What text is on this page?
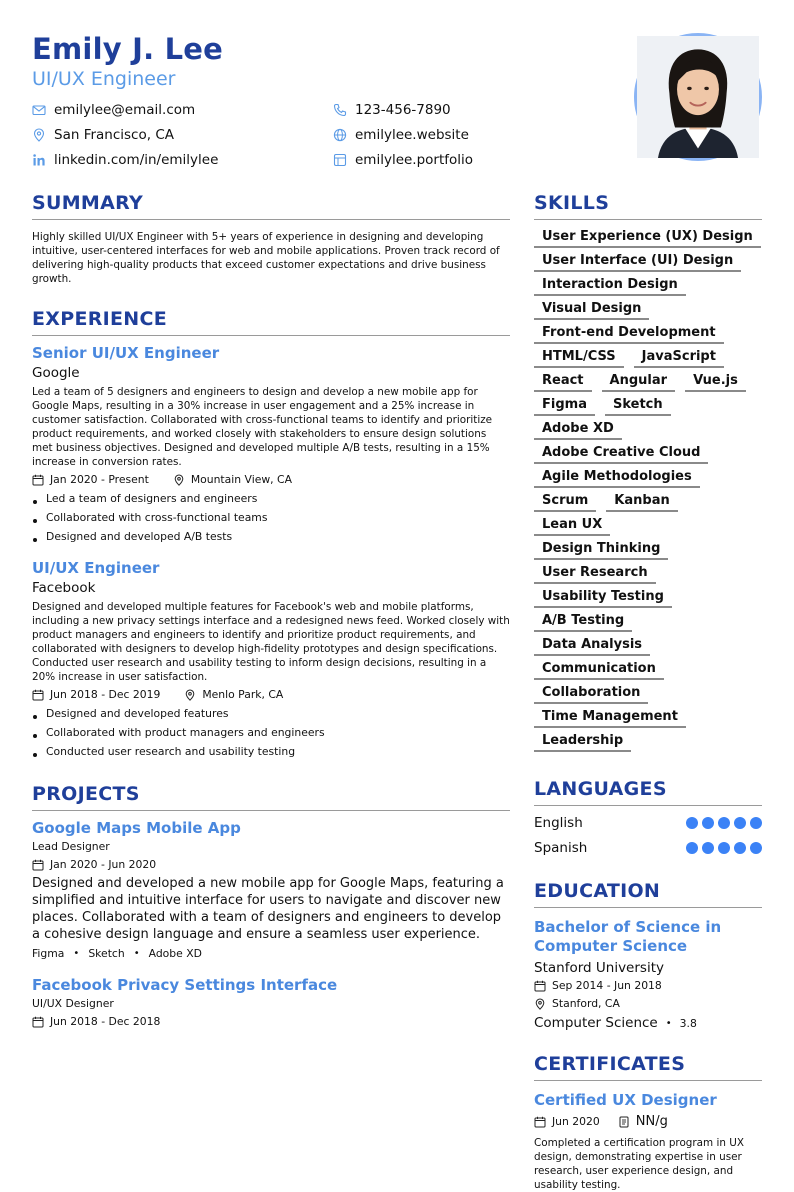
Emily J. Lee
UI/UX Engineer
emilylee@email.com	123-456-7890
San Francisco, CA	emilylee.website
linkedin.com/in/emilylee	emilylee.portfolio
SUMMARY
Highly skilled UI/UX Engineer with 5+ years of experience in designing and developing intuitive, user-centered interfaces for web and mobile applications. Proven track record of delivering high-quality products that exceed customer expectations and drive business growth.
EXPERIENCE
Senior UI/UX Engineer
Google
Led a team of 5 designers and engineers to design and develop a new mobile app for Google Maps, resulting in a 30% increase in user engagement and a 25% increase in customer satisfaction. Collaborated with cross-functional teams to identify and prioritize product requirements, and worked closely with stakeholders to ensure design solutions met business objectives. Designed and developed multiple A/B tests, resulting in a 15% increase in conversion rates.
Jan 2020 - Present	Mountain View, CA
Led a team of designers and engineers
Collaborated with cross-functional teams
Designed and developed A/B tests
UI/UX Engineer
Facebook
Designed and developed multiple features for Facebook's web and mobile platforms, including a new privacy settings interface and a redesigned news feed. Worked closely with product managers and engineers to identify and prioritize product requirements, and collaborated with designers to develop high-fidelity prototypes and design specifications. Conducted user research and usability testing to inform design decisions, resulting in a 20% increase in user satisfaction.
Jun 2018 - Dec 2019	Menlo Park, CA
Designed and developed features
Collaborated with product managers and engineers
Conducted user research and usability testing
PROJECTS
Google Maps Mobile App
Lead Designer
Jan 2020 - Jun 2020
Designed and developed a new mobile app for Google Maps, featuring a simplified and intuitive interface for users to navigate and discover new places. Collaborated with a team of designers and engineers to develop a cohesive design language and ensure a seamless user experience.
Figma • Sketch • Adobe XD
Facebook Privacy Settings Interface
UI/UX Designer
Jun 2018 - Dec 2018
SKILLS
User Experience (UX) Design
User Interface (UI) Design
Interaction Design
Visual Design
Front-end Development
HTML/CSS	JavaScript
React	Angular	Vue.js
Figma	Sketch
Adobe XD
Adobe Creative Cloud
Agile Methodologies
Scrum	Kanban
Lean UX
Design Thinking
User Research
Usability Testing
A/B Testing
Data Analysis
Communication
Collaboration
Time Management
Leadership
LANGUAGES
English
Spanish
EDUCATION
Bachelor of Science in Computer Science
Stanford University
Sep 2014 - Jun 2018
Stanford, CA
Computer Science • 3.8
CERTIFICATES
Certified UX Designer
Jun 2020	NN/g
Completed a certification program in UX design, demonstrating expertise in user research, user experience design, and usability testing.
